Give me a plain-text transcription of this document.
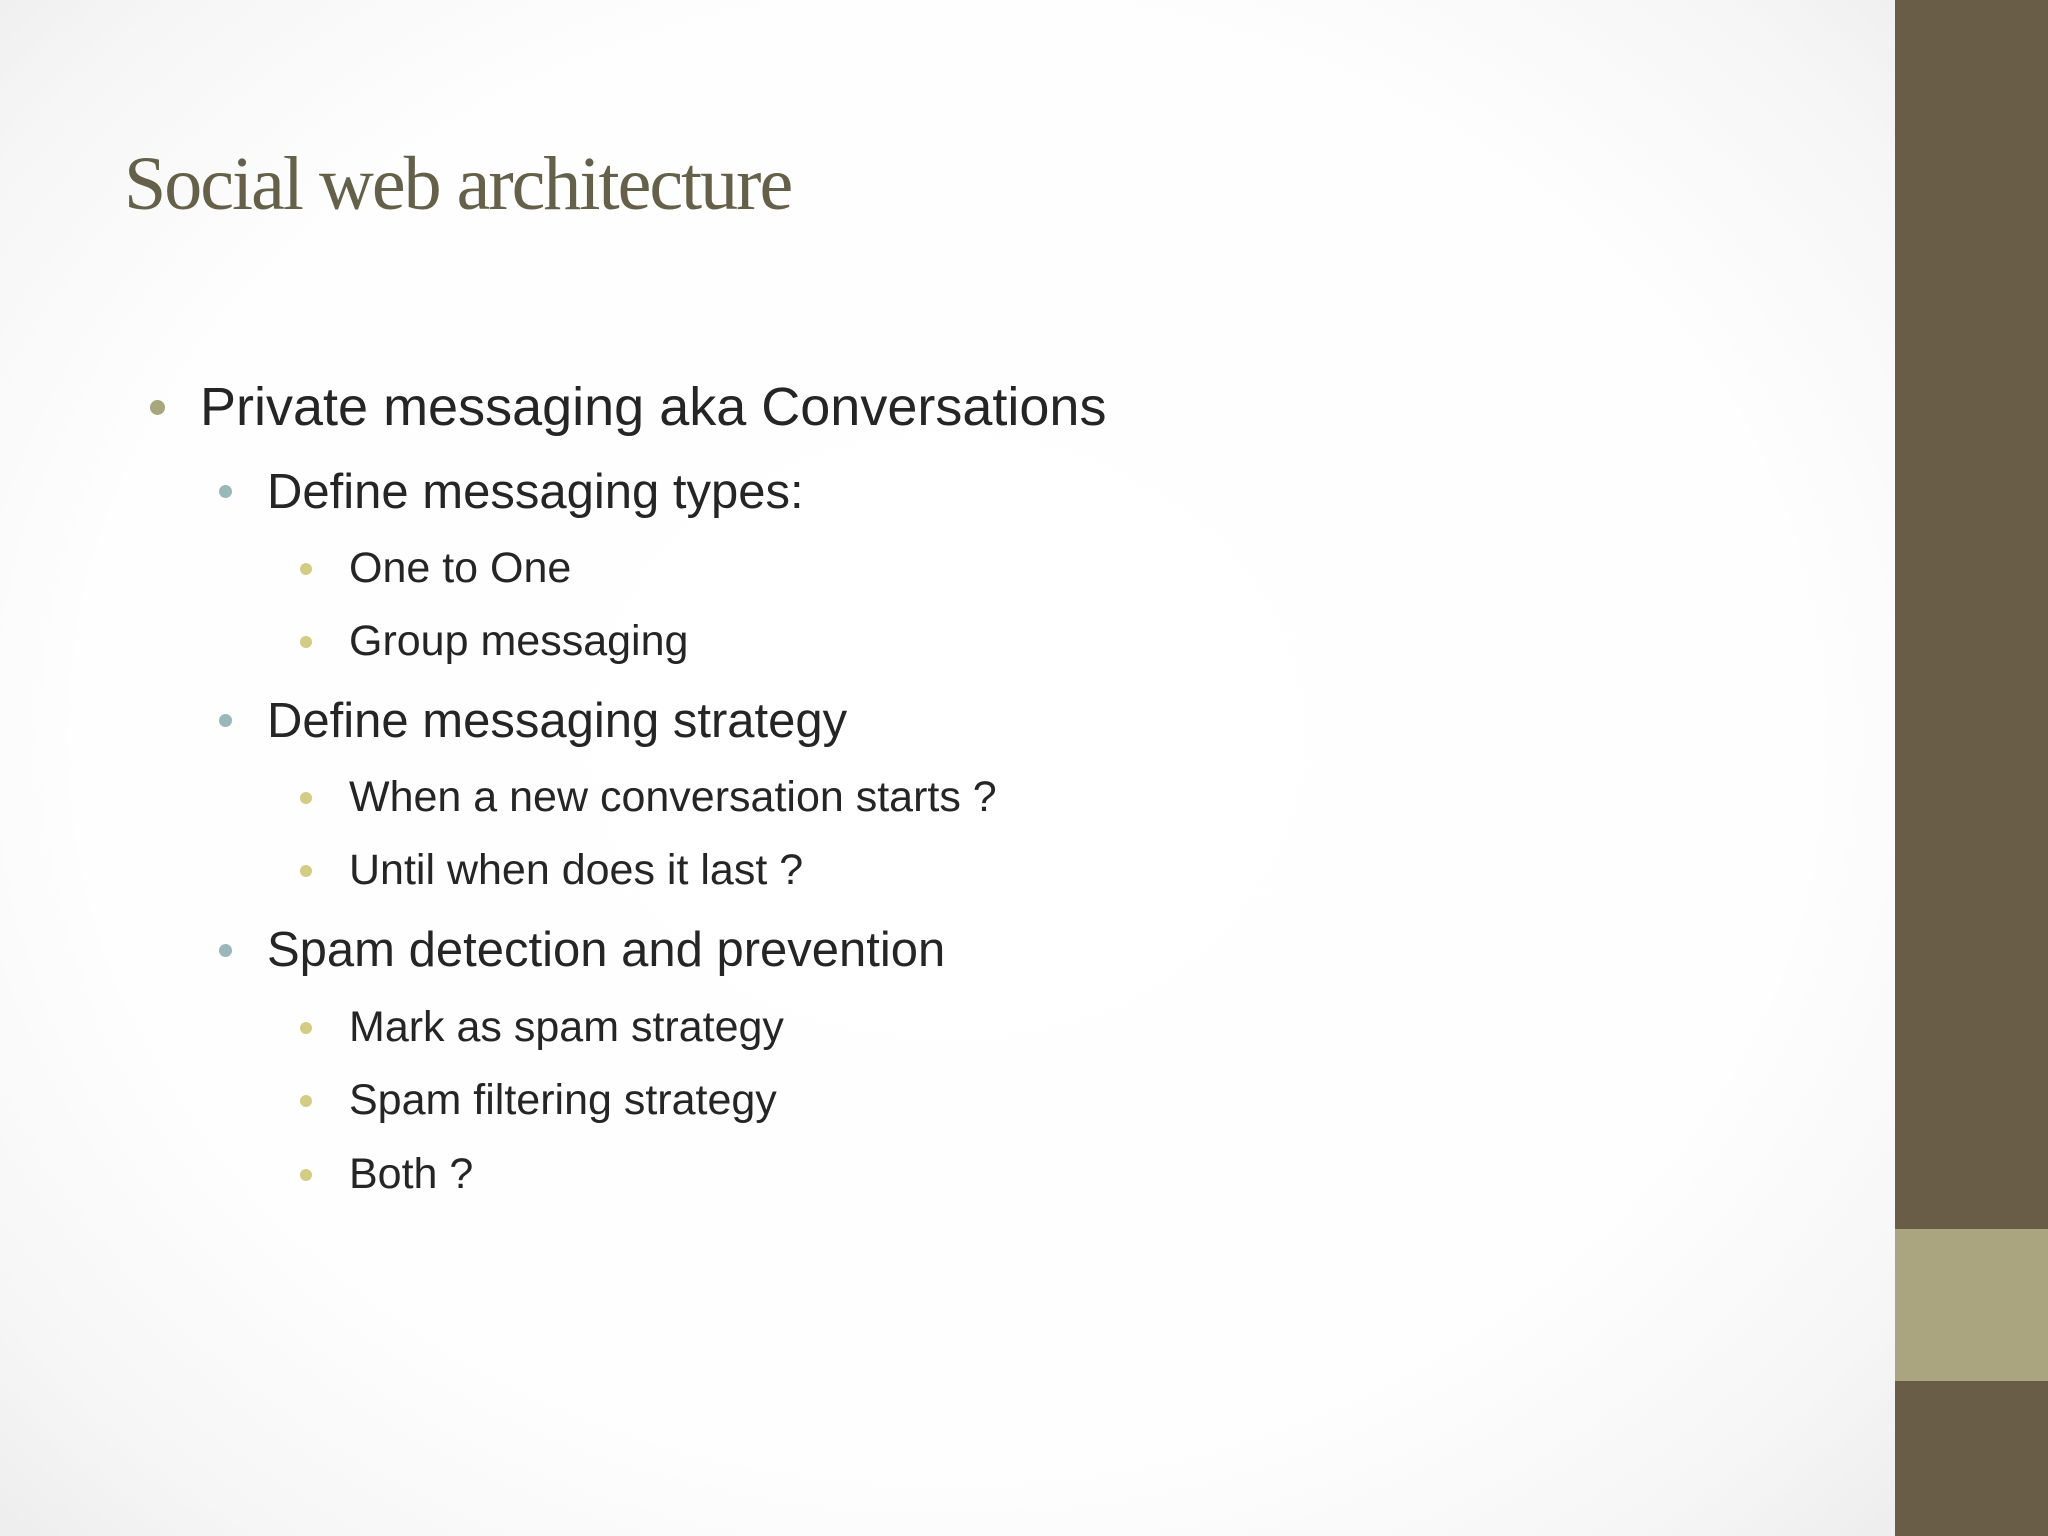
Social web architecture
Private messaging aka Conversations
Define messaging types:
One to One
Group messaging
Define messaging strategy
When a new conversation starts ?
Until when does it last ?
Spam detection and prevention
Mark as spam strategy
Spam filtering strategy
Both ?
